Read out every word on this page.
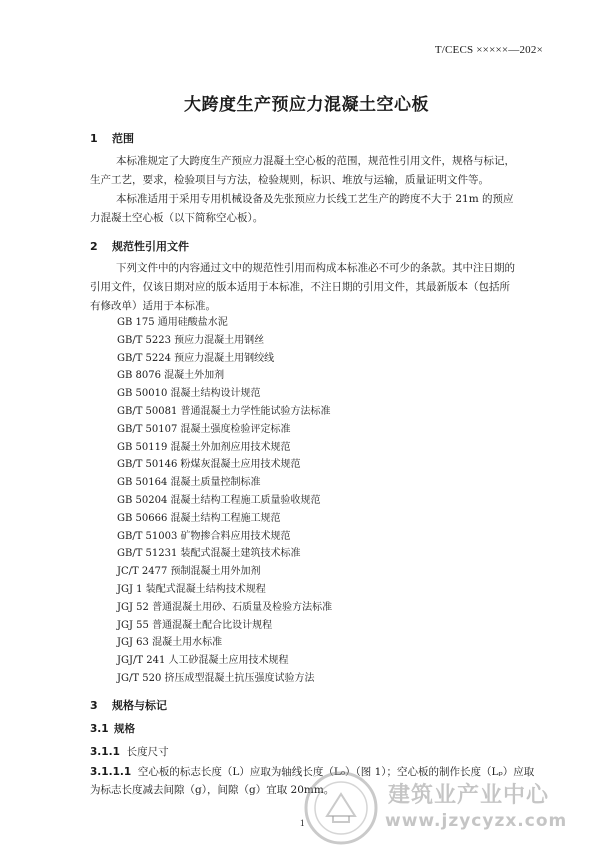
T/CECS ×××××—202×
大跨度生产预应力混凝土空心板
1 范围
本标准规定了大跨度生产预应力混凝土空心板的范围，规范性引用文件，规格与标记，
生产工艺，要求，检验项目与方法，检验规则，标识、堆放与运输，质量证明文件等。
本标准适用于采用专用机械设备及先张预应力长线工艺生产的跨度不大于 21m 的预应
力混凝土空心板（以下简称空心板）。
2 规范性引用文件
下列文件中的内容通过文中的规范性引用而构成本标准必不可少的条款。其中注日期的
引用文件，仅该日期对应的版本适用于本标准，不注日期的引用文件，其最新版本（包括所
有修改单）适用于本标准。
GB 175 通用硅酸盐水泥
GB/T 5223 预应力混凝土用钢丝
GB/T 5224 预应力混凝土用钢绞线
GB 8076 混凝土外加剂
GB 50010 混凝土结构设计规范
GB/T 50081 普通混凝土力学性能试验方法标准
GB/T 50107 混凝土强度检验评定标准
GB 50119 混凝土外加剂应用技术规范
GB/T 50146 粉煤灰混凝土应用技术规范
GB 50164 混凝土质量控制标准
GB 50204 混凝土结构工程施工质量验收规范
GB 50666 混凝土结构工程施工规范
GB/T 51003 矿物掺合料应用技术规范
GB/T 51231 装配式混凝土建筑技术标准
JC/T 2477 预制混凝土用外加剂
JGJ 1 装配式混凝土结构技术规程
JGJ 52 普通混凝土用砂、石质量及检验方法标准
JGJ 55 普通混凝土配合比设计规程
JGJ 63 混凝土用水标准
JGJ/T 241 人工砂混凝土应用技术规程
JG/T 520 挤压成型混凝土抗压强度试验方法
3 规格与标记
3.1 规格
3.1.1 长度尺寸
3.1.1.1 空心板的标志长度（L）应取为轴线长度（L₀）（图 1）；空心板的制作长度（Lₚ）应取
为标志长度减去间隙（g），间隙（g）宜取 20mm。
1
建筑业产业中心
www.jzycyzx.com
